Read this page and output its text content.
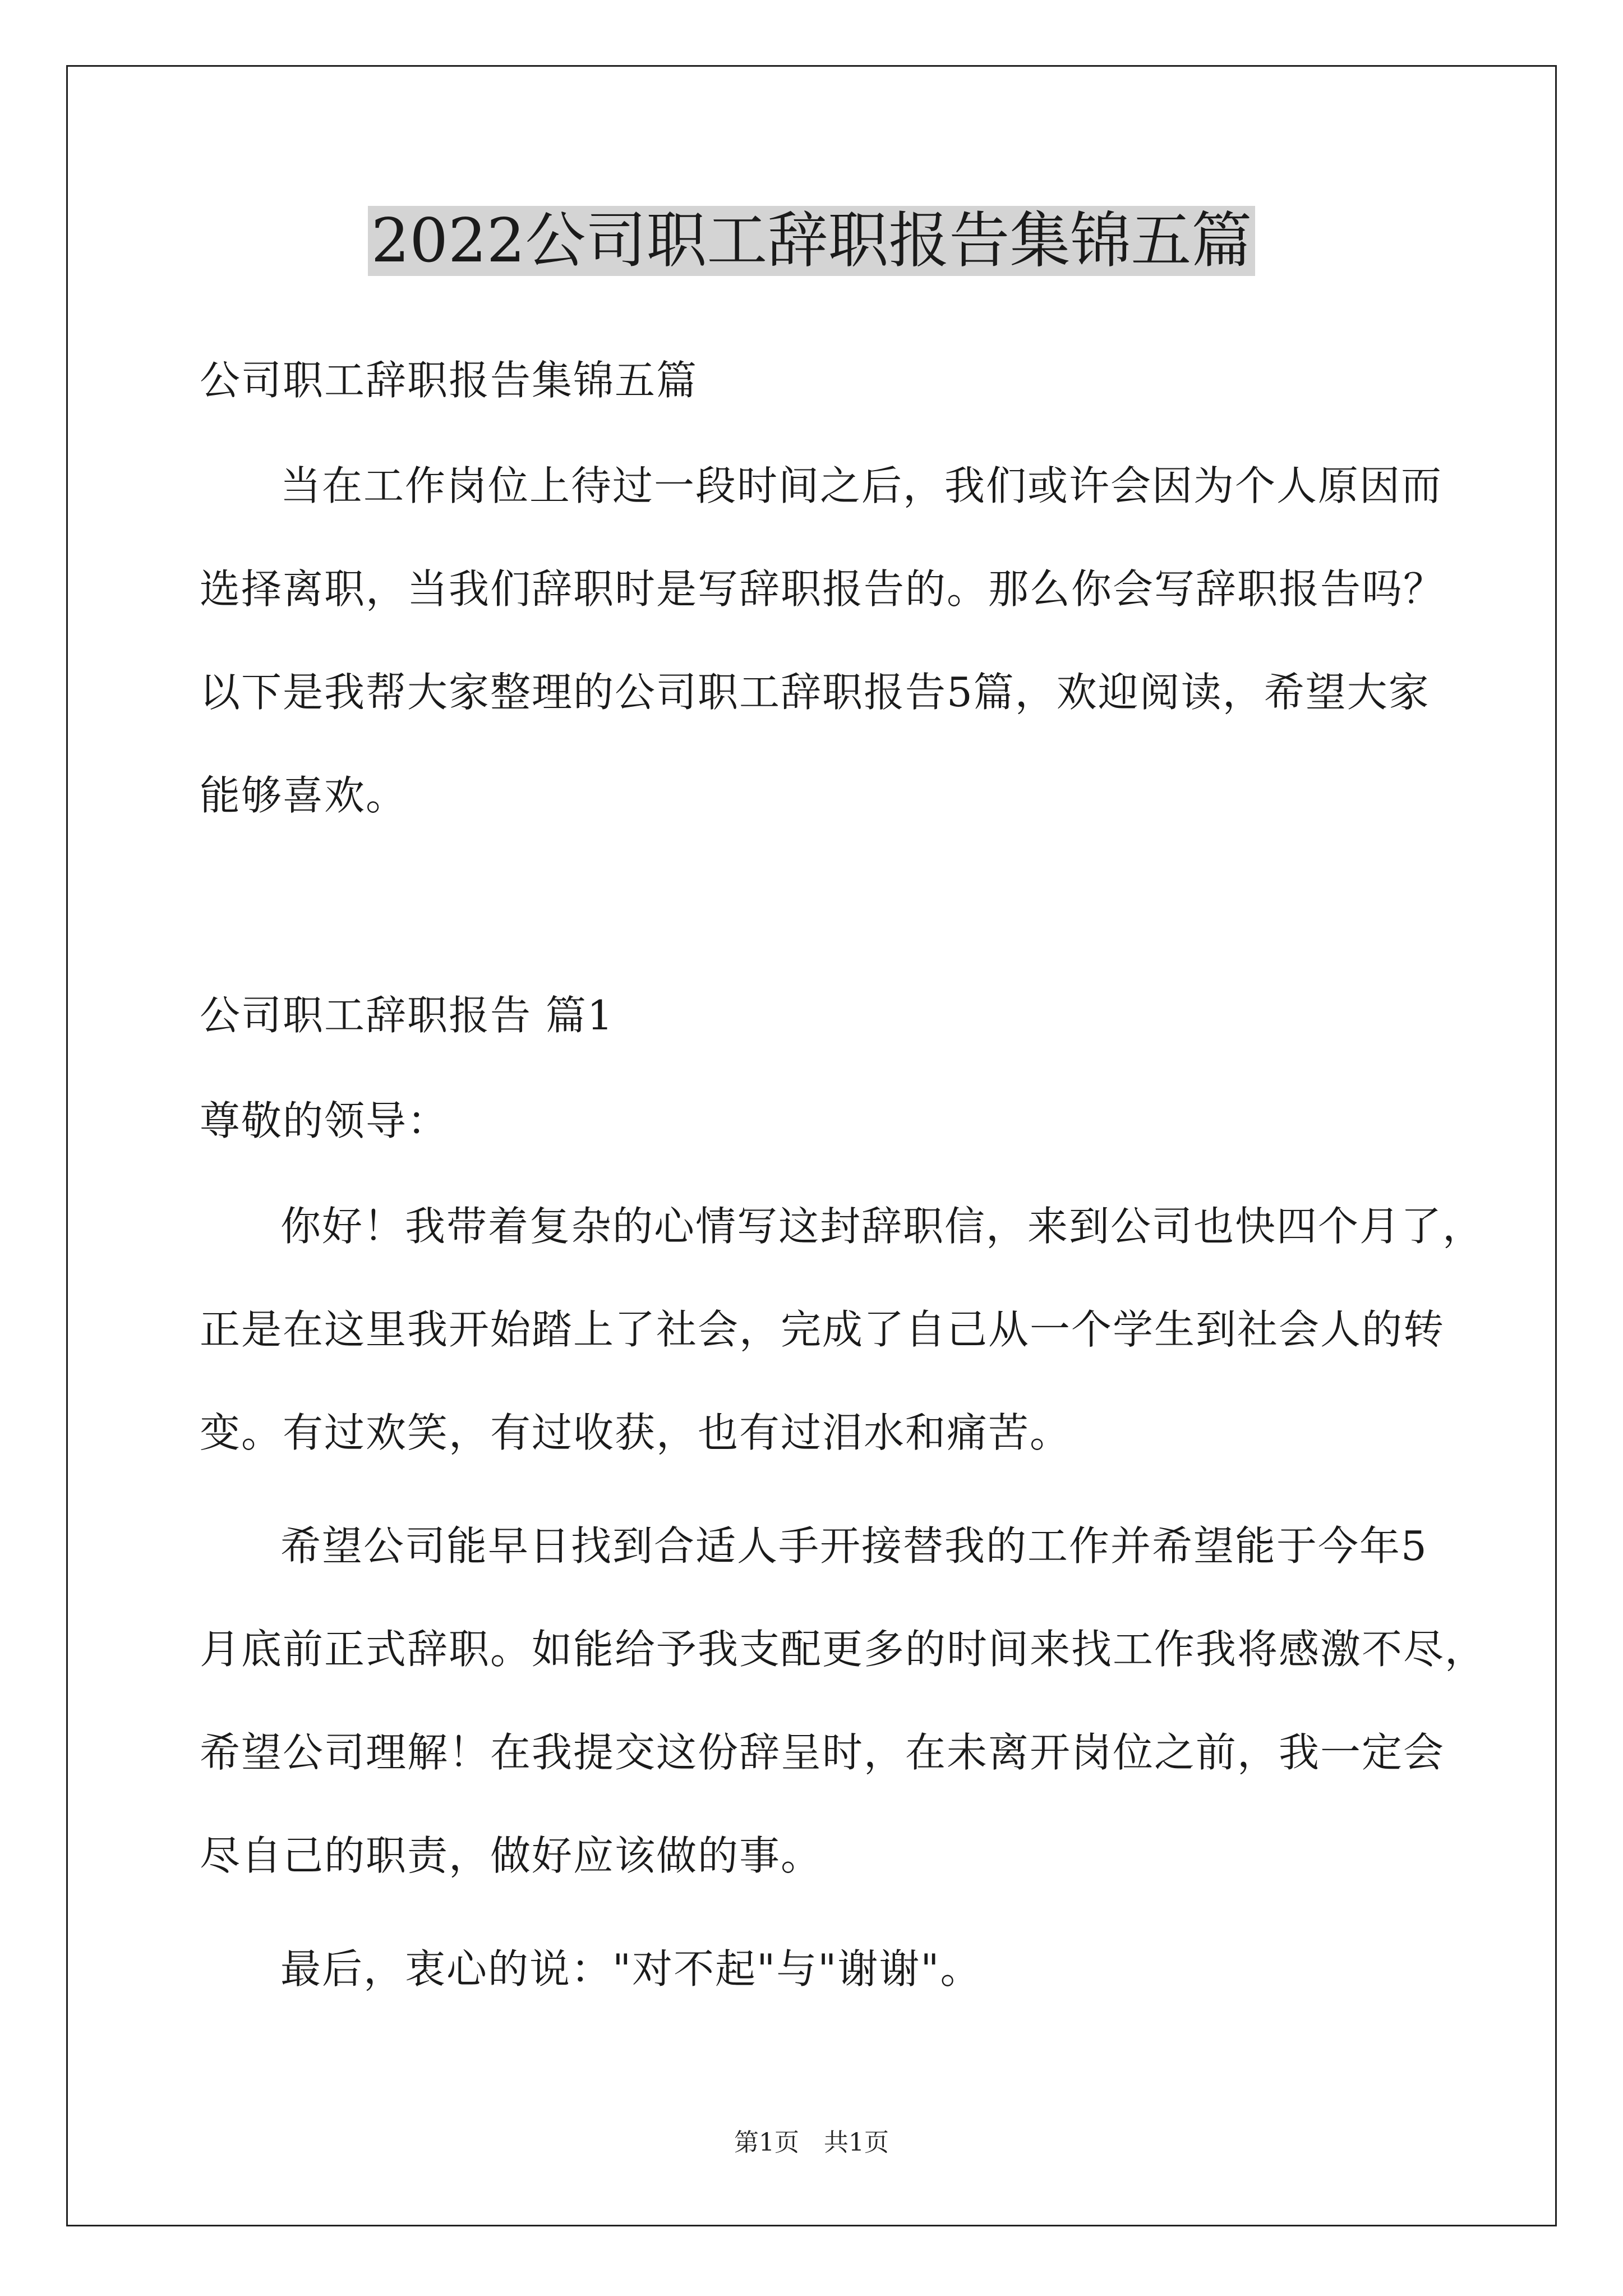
2022公司职工辞职报告集锦五篇
公司职工辞职报告集锦五篇
当在工作岗位上待过一段时间之后，我们或许会因为个人原因而
选择离职，当我们辞职时是写辞职报告的。那么你会写辞职报告吗？
以下是我帮大家整理的公司职工辞职报告5篇，欢迎阅读，希望大家
能够喜欢。
公司职工辞职报告 篇1
尊敬的领导：
你好！我带着复杂的心情写这封辞职信，来到公司也快四个月了，
正是在这里我开始踏上了社会，完成了自己从一个学生到社会人的转
变。有过欢笑，有过收获，也有过泪水和痛苦。
希望公司能早日找到合适人手开接替我的工作并希望能于今年5
月底前正式辞职。如能给予我支配更多的时间来找工作我将感激不尽，
希望公司理解！在我提交这份辞呈时，在未离开岗位之前，我一定会
尽自己的职责，做好应该做的事。
最后，衷心的说："对不起"与"谢谢"。
第1页　共1页
